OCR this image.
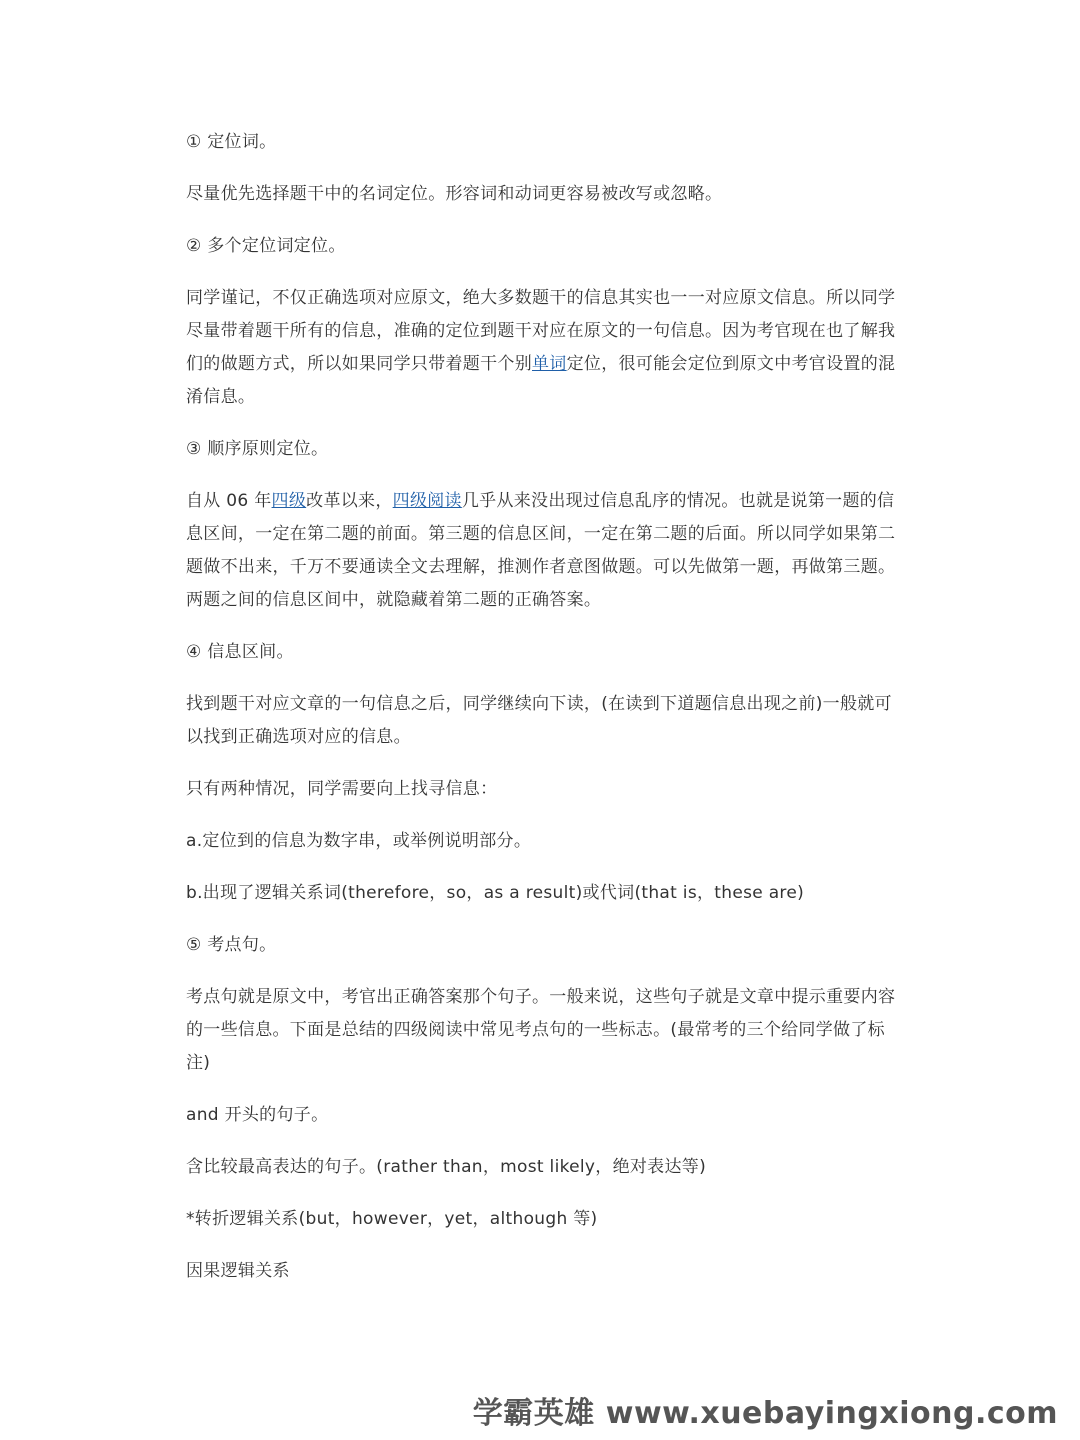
① 定位词。

尽量优先选择题干中的名词定位。形容词和动词更容易被改写或忽略。

② 多个定位词定位。

同学谨记，不仅正确选项对应原文，绝大多数题干的信息其实也一一对应原文信息。所以同学尽量带着题干所有的信息，准确的定位到题干对应在原文的一句信息。因为考官现在也了解我们的做题方式，所以如果同学只带着题干个别单词定位，很可能会定位到原文中考官设置的混淆信息。

③ 顺序原则定位。

自从 06 年四级改革以来，四级阅读几乎从来没出现过信息乱序的情况。也就是说第一题的信息区间，一定在第二题的前面。第三题的信息区间，一定在第二题的后面。所以同学如果第二题做不出来，千万不要通读全文去理解，推测作者意图做题。可以先做第一题，再做第三题。两题之间的信息区间中，就隐藏着第二题的正确答案。

④ 信息区间。

找到题干对应文章的一句信息之后，同学继续向下读，(在读到下道题信息出现之前)一般就可以找到正确选项对应的信息。

只有两种情况，同学需要向上找寻信息：

a.定位到的信息为数字串，或举例说明部分。

b.出现了逻辑关系词(therefore，so，as a result)或代词(that is，these are)

⑤ 考点句。

考点句就是原文中，考官出正确答案那个句子。一般来说，这些句子就是文章中提示重要内容的一些信息。下面是总结的四级阅读中常见考点句的一些标志。(最常考的三个给同学做了标注)

and 开头的句子。

含比较最高表达的句子。(rather than，most likely，绝对表达等)

*转折逻辑关系(but，however，yet，although 等)

因果逻辑关系

学霸英雄 www.xuebayingxiong.com
